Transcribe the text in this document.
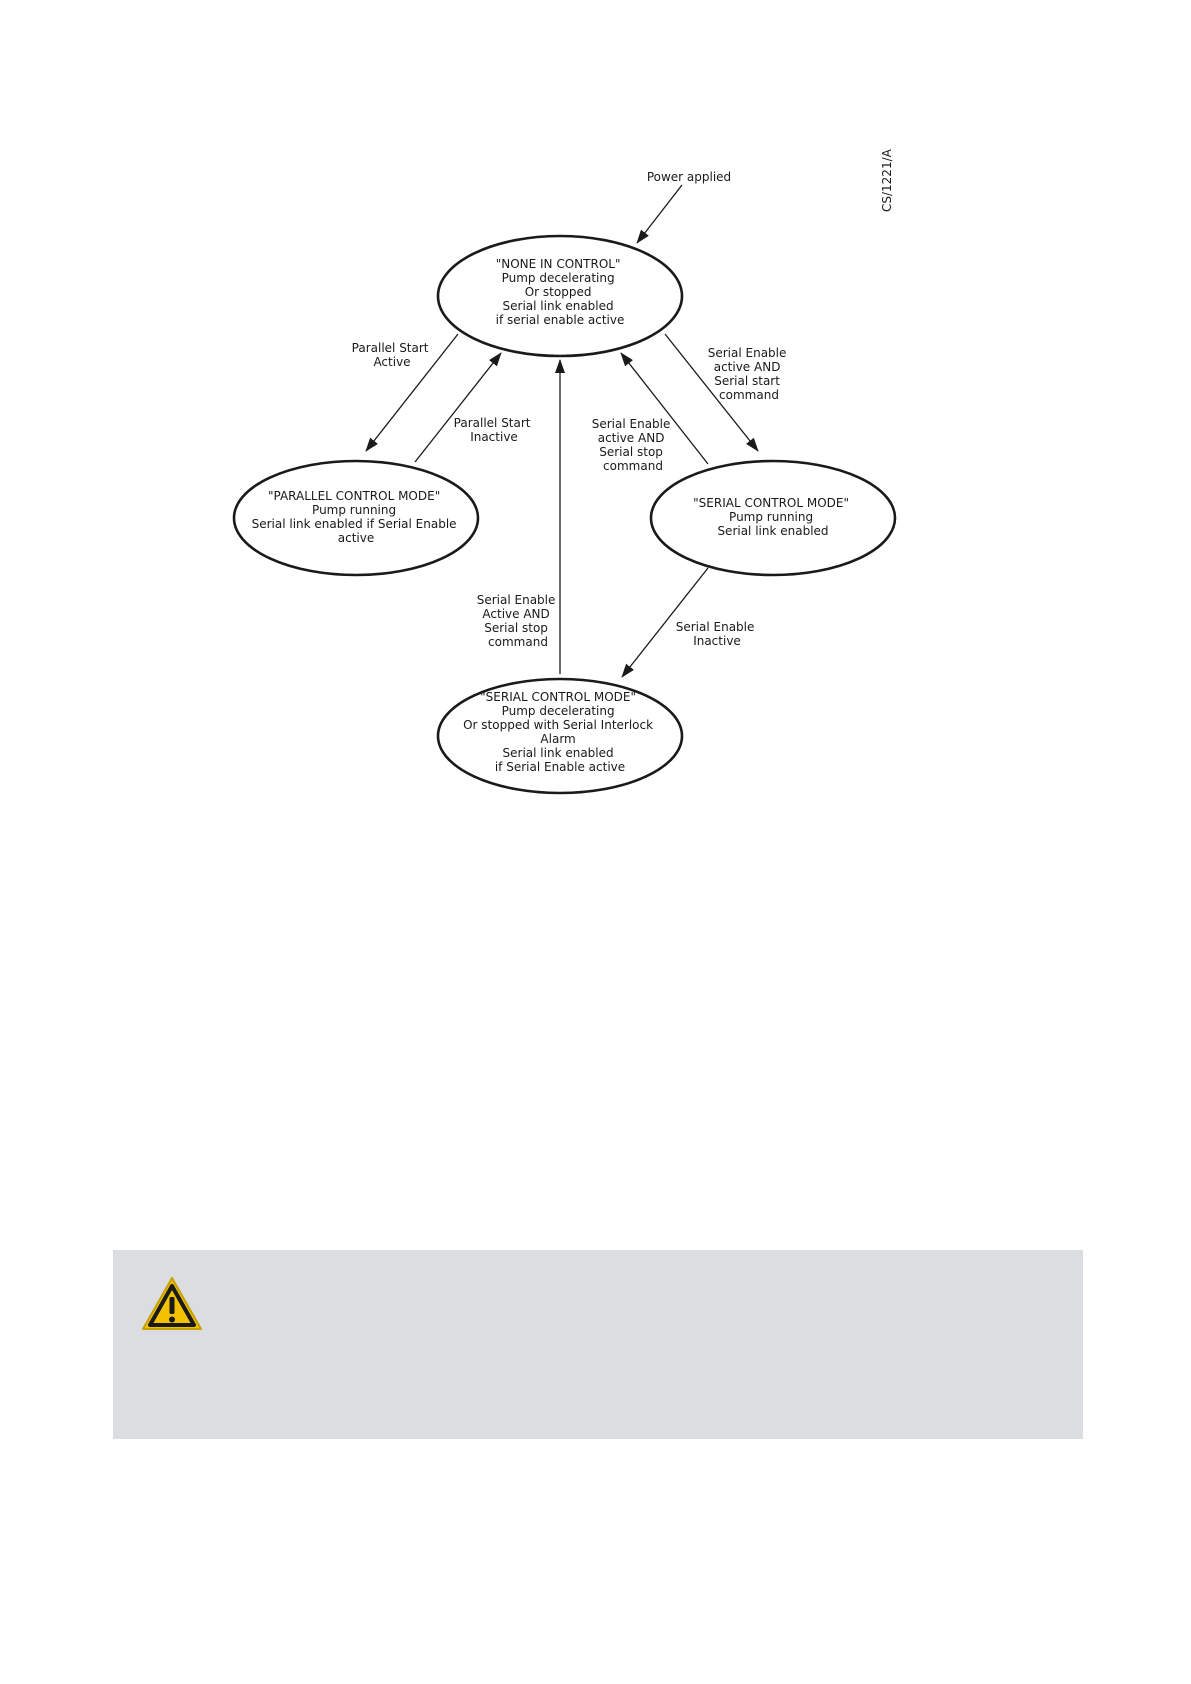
CS/1221/A
Power applied
"NONE IN CONTROL" Pump decelerating Or stopped Serial link enabled if serial enable active
"PARALLEL CONTROL MODE" Pump running Serial link enabled if Serial Enable active
"SERIAL CONTROL MODE" Pump running Serial link enabled
"SERIAL CONTROL MODE" Pump decelerating Or stopped with Serial Interlock Alarm Serial link enabled if Serial Enable active
Parallel Start Active
Parallel Start Inactive
Serial Enable active AND Serial start command
Serial Enable active AND Serial stop command
Serial Enable Active AND Serial stop command
Serial Enable Inactive
